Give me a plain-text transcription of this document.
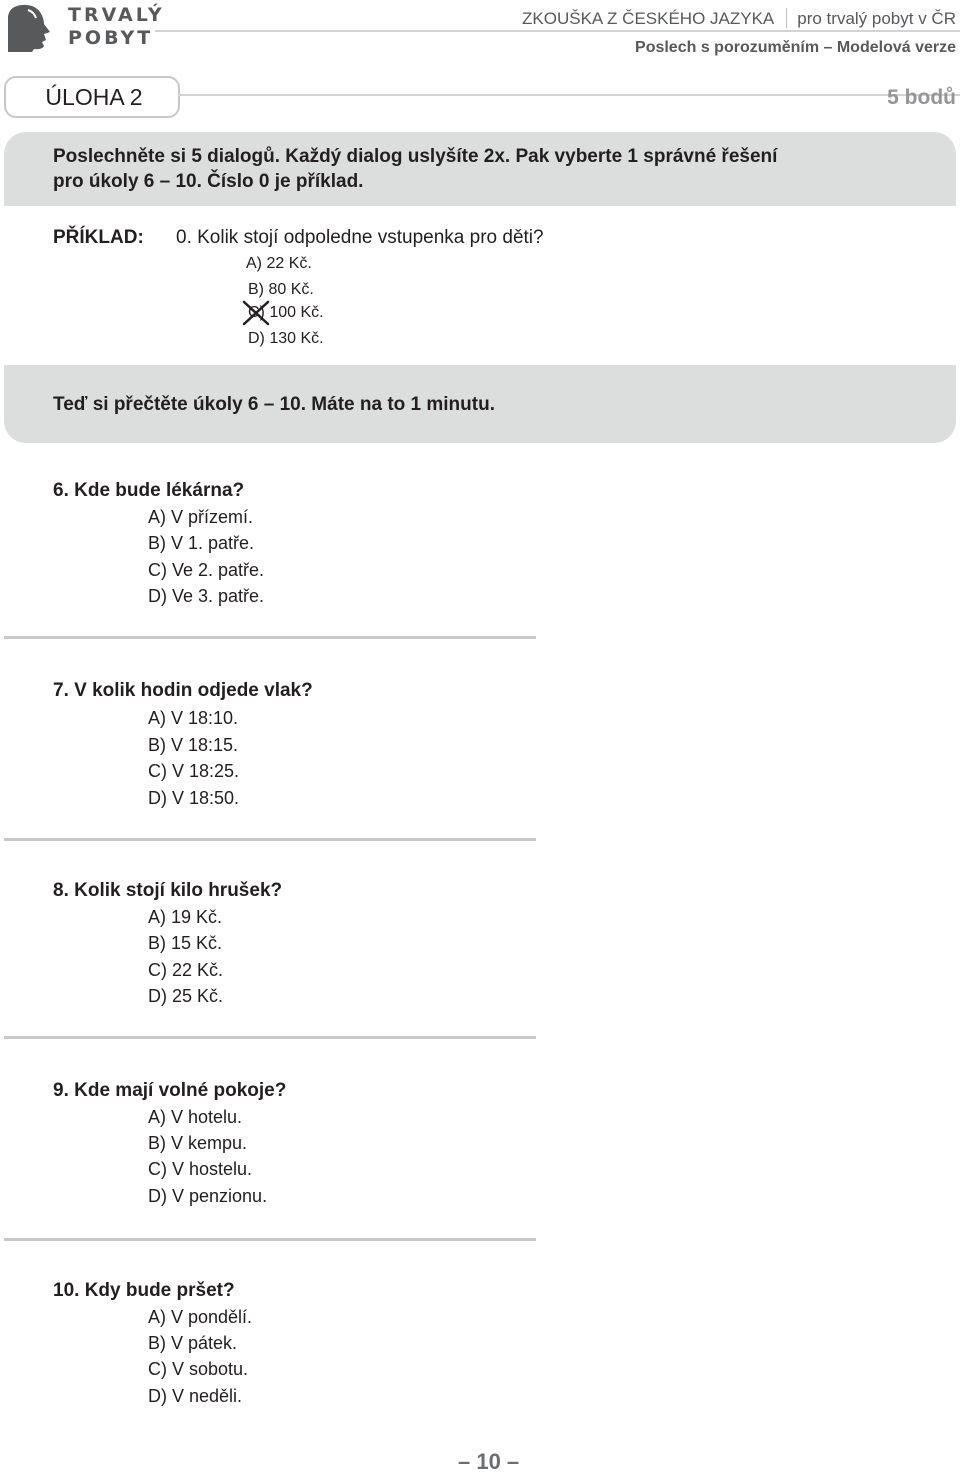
TRVALÝ
POBYT
ZKOUŠKA Z ČESKÉHO JAZYKA pro trvalý pobyt v ČR
Poslech s porozuměním – Modelová verze
ÚLOHA 2	5 bodů
Poslechněte si 5 dialogů. Každý dialog uslyšíte 2x. Pak vyberte 1 správné řešení
pro úkoly 6 – 10. Číslo 0 je příklad.
PŘÍKLAD: 0. Kolik stojí odpoledne vstupenka pro děti?
A) 22 Kč.
B) 80 Kč.
C) 100 Kč.
D) 130 Kč.
Teď si přečtěte úkoly 6 – 10. Máte na to 1 minutu.
6. Kde bude lékárna?
A) V přízemí.
B) V 1. patře.
C) Ve 2. patře.
D) Ve 3. patře.
7. V kolik hodin odjede vlak?
A) V 18:10.
B) V 18:15.
C) V 18:25.
D) V 18:50.
8. Kolik stojí kilo hrušek?
A) 19 Kč.
B) 15 Kč.
C) 22 Kč.
D) 25 Kč.
9. Kde mají volné pokoje?
A) V hotelu.
B) V kempu.
C) V hostelu.
D) V penzionu.
10. Kdy bude pršet?
A) V pondělí.
B) V pátek.
C) V sobotu.
D) V neděli.
– 10 –
